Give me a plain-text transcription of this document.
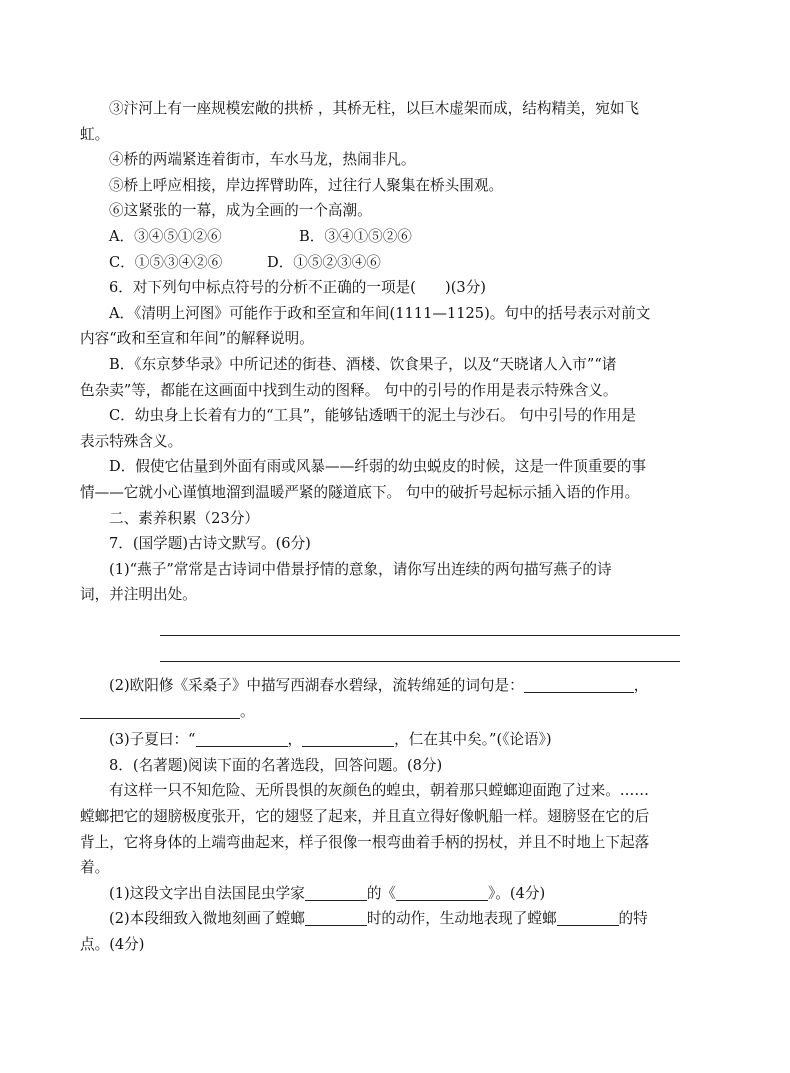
③汴河上有一座规模宏敞的拱桥 ，其桥无柱，以巨木虚架而成，结构精美，宛如飞
虹。
④桥的两端紧连着街市，车水马龙，热闹非凡。
⑤桥上呼应相接，岸边挥臂助阵，过往行人聚集在桥头围观。
⑥这紧张的一幕，成为全画的一个高潮。
A．③④⑤①②⑥	B．③④①⑤②⑥
C．①⑤③④②⑥	D．①⑤②③④⑥
6．对下列句中标点符号的分析不正确的一项是(　　)(3分)
A．《清明上河图》可能作于政和至宣和年间(1111—1125)。句中的括号表示对前文
内容“政和至宣和年间”的解释说明。
B．《东京梦华录》中所记述的街巷、酒楼、饮食果子，以及“天晓诸人入市”“诸
色杂卖”等，都能在这画面中找到生动的图释。 句中的引号的作用是表示特殊含义。
C．幼虫身上长着有力的“工具”，能够钻透晒干的泥土与沙石。 句中引号的作用是
表示特殊含义。
D．假使它估量到外面有雨或风暴——纤弱的幼虫蜕皮的时候，这是一件顶重要的事
情——它就小心谨慎地溜到温暖严紧的隧道底下。 句中的破折号起标示插入语的作用。
二、素养积累（23分）
7．(国学题)古诗文默写。(6分)
(1)“燕子”常常是古诗词中借景抒情的意象，请你写出连续的两句描写燕子的诗
词，并注明出处。
(2)欧阳修《采桑子》中描写西湖春水碧绿，流转绵延的词句是：	，
。
(3)子夏曰：“	，	，仁在其中矣。”(《论语》)
8．(名著题)阅读下面的名著选段，回答问题。(8分)
有这样一只不知危险、无所畏惧的灰颜色的蝗虫，朝着那只螳螂迎面跑了过来。……
螳螂把它的翅膀极度张开，它的翅竖了起来，并且直立得好像帆船一样。翅膀竖在它的后
背上，它将身体的上端弯曲起来，样子很像一根弯曲着手柄的拐杖，并且不时地上下起落
着。
(1)这段文字出自法国昆虫学家	的《	》。(4分)
(2)本段细致入微地刻画了螳螂	时的动作，生动地表现了螳螂	的特
点。(4分)
